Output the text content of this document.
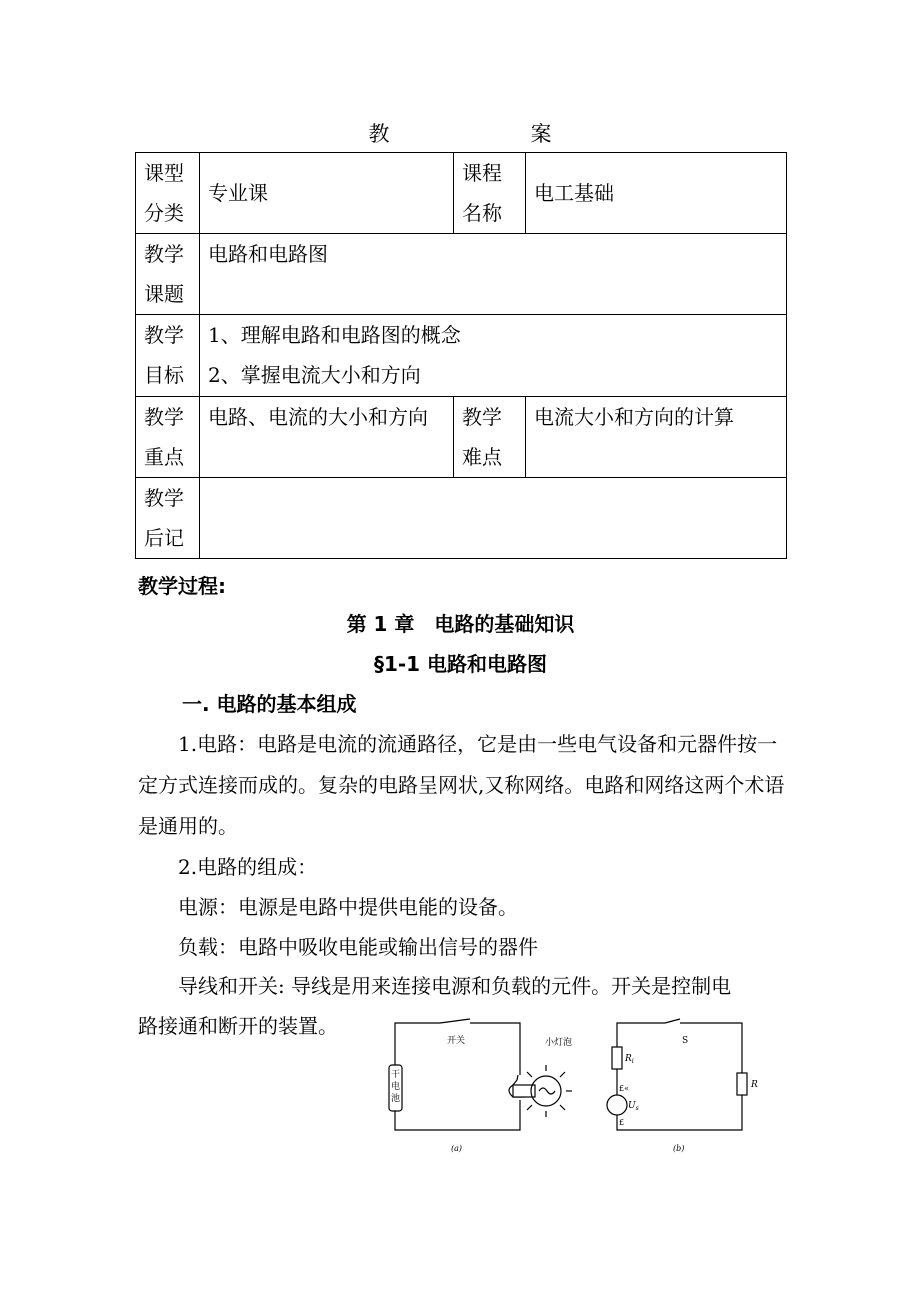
教　案
课型分类	专业课	课程名称	电工基础
教学课题	电路和电路图		
教学目标	1、理解电路和电路图的概念
2、掌握电流大小和方向		

教学重点	电路、电流的大小和方向	教学难点	电流大小和方向的计算
教学后记			
教学过程:
第 1 章　电路的基础知识
§1-1 电路和电路图
一. 电路的基本组成
1.电路：电路是电流的流通路径，它是由一些电气设备和元器件按一定方式连接而成的。复杂的电路呈网状,又称网络。电路和网络这两个术语是通用的。
2.电路的组成：
电源：电源是电路中提供电能的设备。
负载：电路中吸收电能或输出信号的器件
导线和开关: 导线是用来连接电源和负载的元件。开关是控制电
路接通和断开的装置。
开关	小灯泡
干电池
(a)
S
$R_i$
£«
$U_s$
£
R
(b)
